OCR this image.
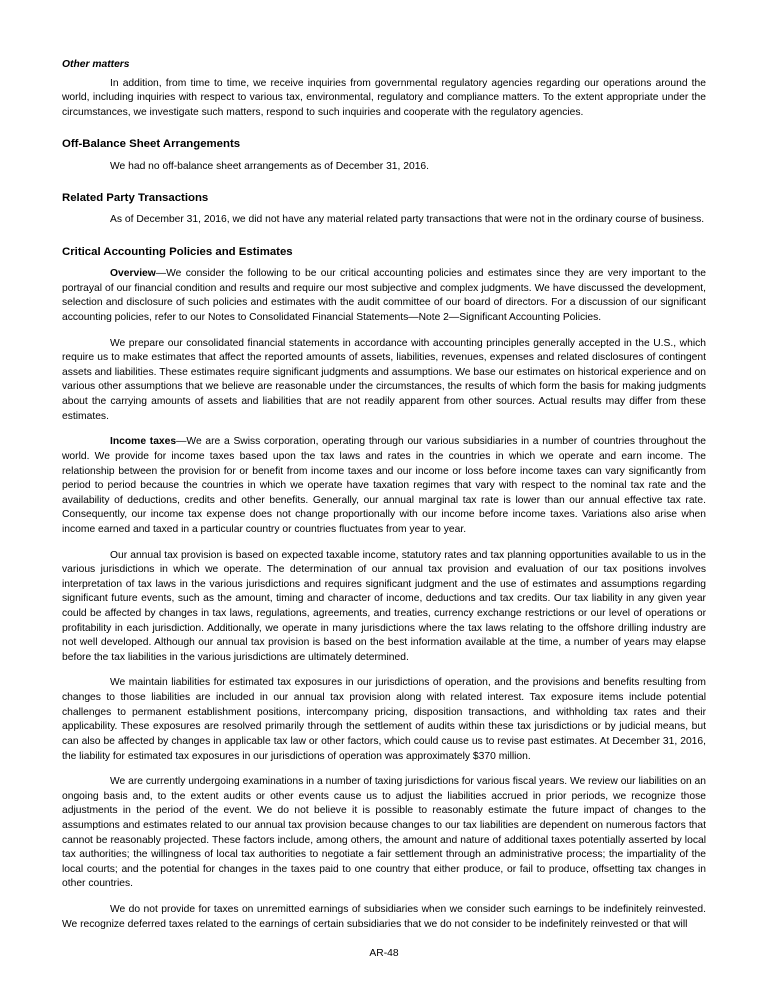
Other matters

In addition, from time to time, we receive inquiries from governmental regulatory agencies regarding our operations around the world, including inquiries with respect to various tax, environmental, regulatory and compliance matters. To the extent appropriate under the circumstances, we investigate such matters, respond to such inquiries and cooperate with the regulatory agencies.

Off-Balance Sheet Arrangements

We had no off-balance sheet arrangements as of December 31, 2016.

Related Party Transactions

As of December 31, 2016, we did not have any material related party transactions that were not in the ordinary course of business.

Critical Accounting Policies and Estimates

Overview—We consider the following to be our critical accounting policies and estimates since they are very important to the portrayal of our financial condition and results and require our most subjective and complex judgments. We have discussed the development, selection and disclosure of such policies and estimates with the audit committee of our board of directors. For a discussion of our significant accounting policies, refer to our Notes to Consolidated Financial Statements—Note 2—Significant Accounting Policies.

We prepare our consolidated financial statements in accordance with accounting principles generally accepted in the U.S., which require us to make estimates that affect the reported amounts of assets, liabilities, revenues, expenses and related disclosures of contingent assets and liabilities. These estimates require significant judgments and assumptions. We base our estimates on historical experience and on various other assumptions that we believe are reasonable under the circumstances, the results of which form the basis for making judgments about the carrying amounts of assets and liabilities that are not readily apparent from other sources. Actual results may differ from these estimates.

Income taxes—We are a Swiss corporation, operating through our various subsidiaries in a number of countries throughout the world. We provide for income taxes based upon the tax laws and rates in the countries in which we operate and earn income. The relationship between the provision for or benefit from income taxes and our income or loss before income taxes can vary significantly from period to period because the countries in which we operate have taxation regimes that vary with respect to the nominal tax rate and the availability of deductions, credits and other benefits. Generally, our annual marginal tax rate is lower than our annual effective tax rate. Consequently, our income tax expense does not change proportionally with our income before income taxes. Variations also arise when income earned and taxed in a particular country or countries fluctuates from year to year.

Our annual tax provision is based on expected taxable income, statutory rates and tax planning opportunities available to us in the various jurisdictions in which we operate. The determination of our annual tax provision and evaluation of our tax positions involves interpretation of tax laws in the various jurisdictions and requires significant judgment and the use of estimates and assumptions regarding significant future events, such as the amount, timing and character of income, deductions and tax credits. Our tax liability in any given year could be affected by changes in tax laws, regulations, agreements, and treaties, currency exchange restrictions or our level of operations or profitability in each jurisdiction. Additionally, we operate in many jurisdictions where the tax laws relating to the offshore drilling industry are not well developed. Although our annual tax provision is based on the best information available at the time, a number of years may elapse before the tax liabilities in the various jurisdictions are ultimately determined.

We maintain liabilities for estimated tax exposures in our jurisdictions of operation, and the provisions and benefits resulting from changes to those liabilities are included in our annual tax provision along with related interest. Tax exposure items include potential challenges to permanent establishment positions, intercompany pricing, disposition transactions, and withholding tax rates and their applicability. These exposures are resolved primarily through the settlement of audits within these tax jurisdictions or by judicial means, but can also be affected by changes in applicable tax law or other factors, which could cause us to revise past estimates. At December 31, 2016, the liability for estimated tax exposures in our jurisdictions of operation was approximately $370 million.

We are currently undergoing examinations in a number of taxing jurisdictions for various fiscal years. We review our liabilities on an ongoing basis and, to the extent audits or other events cause us to adjust the liabilities accrued in prior periods, we recognize those adjustments in the period of the event. We do not believe it is possible to reasonably estimate the future impact of changes to the assumptions and estimates related to our annual tax provision because changes to our tax liabilities are dependent on numerous factors that cannot be reasonably projected. These factors include, among others, the amount and nature of additional taxes potentially asserted by local tax authorities; the willingness of local tax authorities to negotiate a fair settlement through an administrative process; the impartiality of the local courts; and the potential for changes in the taxes paid to one country that either produce, or fail to produce, offsetting tax changes in other countries.

We do not provide for taxes on unremitted earnings of subsidiaries when we consider such earnings to be indefinitely reinvested. We recognize deferred taxes related to the earnings of certain subsidiaries that we do not consider to be indefinitely reinvested or that will

AR-48
